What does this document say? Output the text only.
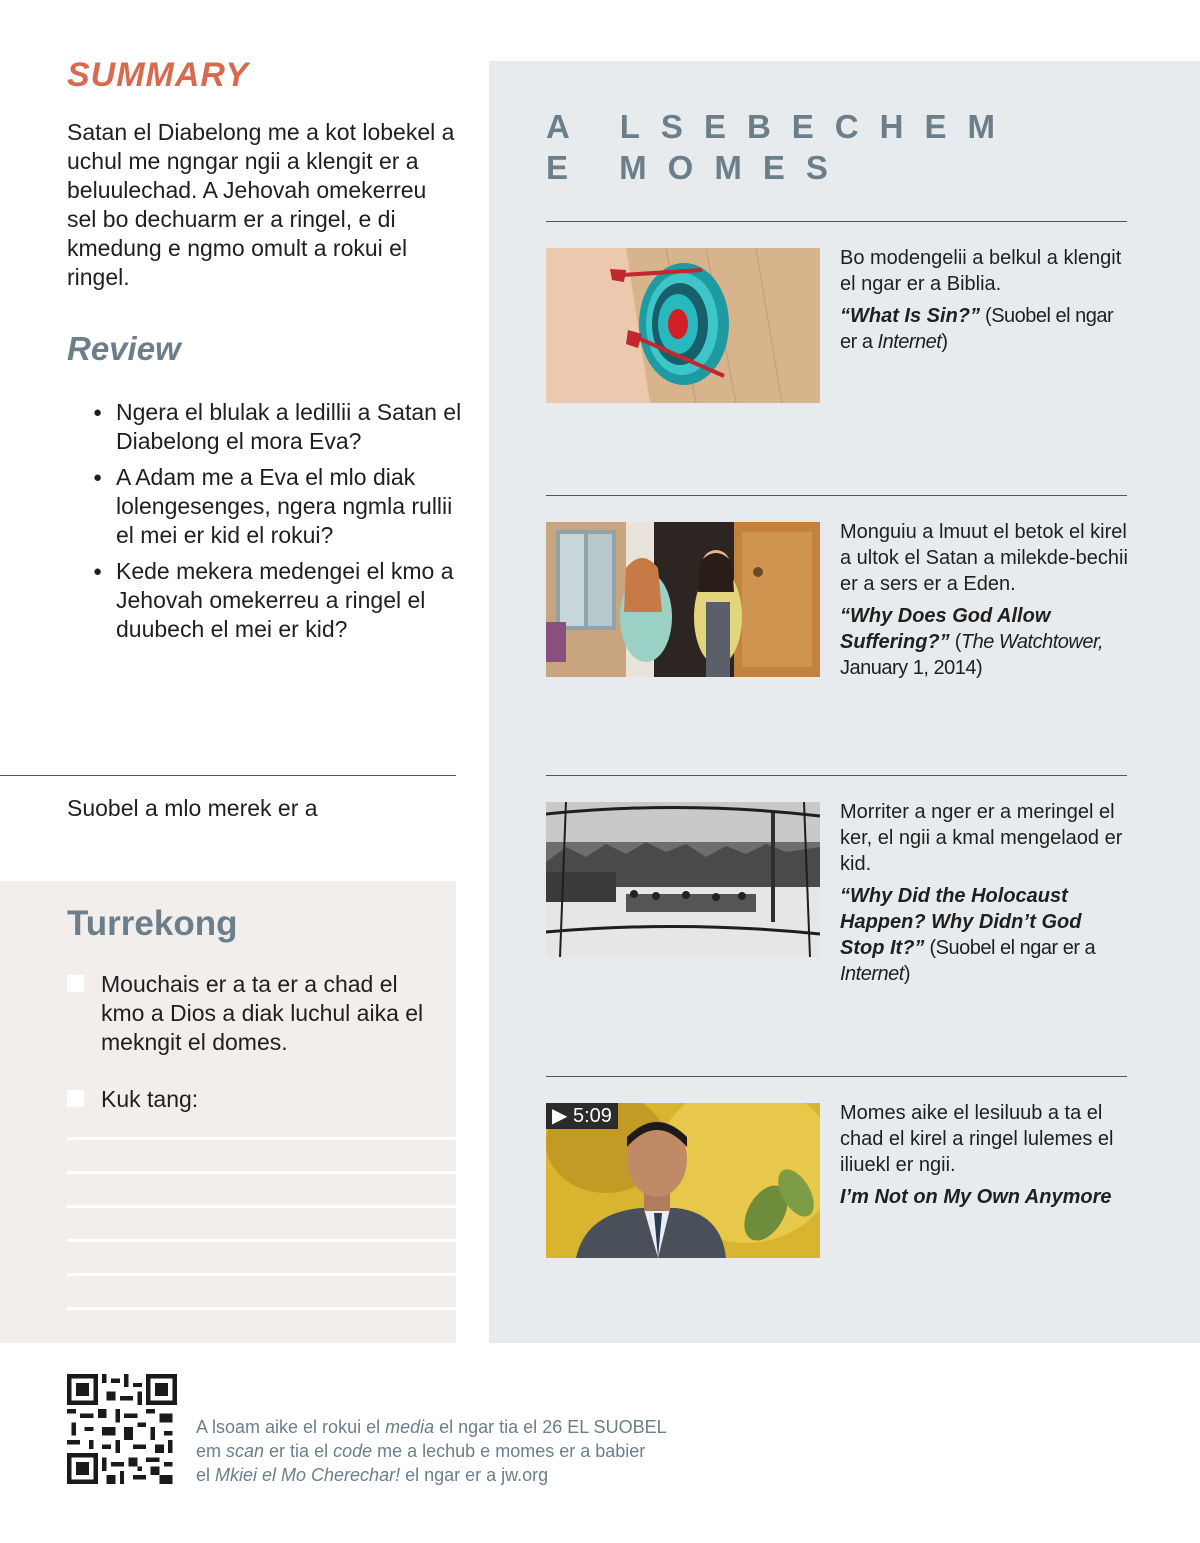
SUMMARY

Satan el Diabelong me a kot lobekel a uchul me ngngar ngii a klengit er a beluulechad. A Jehovah omekerreu sel bo dechuarm er a ringel, e di kmedung e ngmo omult a rokui el ringel.

Review
● Ngera el blulak a ledillii a Satan el Diabelong el mora Eva?
● A Adam me a Eva el mlo diak lolengesenges, ngera ngmla rullii el mei er kid el rokui?
● Kede mekera medengei el kmo a Jehovah omekerreu a ringel el duubech el mei er kid?

Suobel a mlo merek er a

Turrekong
Mouchais er a ta er a chad el kmo a Dios a diak luchul aika el mekngit el domes.
Kuk tang:
A LSEBECHEM
E MOMES
Bo modengelii a belkul a klengit el ngar er a Biblia.
“What Is Sin?” (Suobel el ngar er a Internet)
Monguiu a lmuut el betok el kirel a ultok el Satan a milekde-bechii er a sers er a Eden.
“Why Does God Allow Suffering?” (The Watchtower, January 1, 2014)
Morriter a nger er a meringel el ker, el ngii a kmal mengelaod er kid.
“Why Did the Holocaust Happen? Why Didn’t God Stop It?” (Suobel el ngar er a Internet)
▶ 5:09	Momes aike el lesiluub a ta el chad el kirel a ringel lulemes el iliuekl er ngii.
I’m Not on My Own Anymore
A lsoam aike el rokui el media el ngar tia el 26 EL SUOBEL
em scan er tia el code me a lechub e momes er a babier
el Mkiei el Mo Cherechar! el ngar er a jw.org
